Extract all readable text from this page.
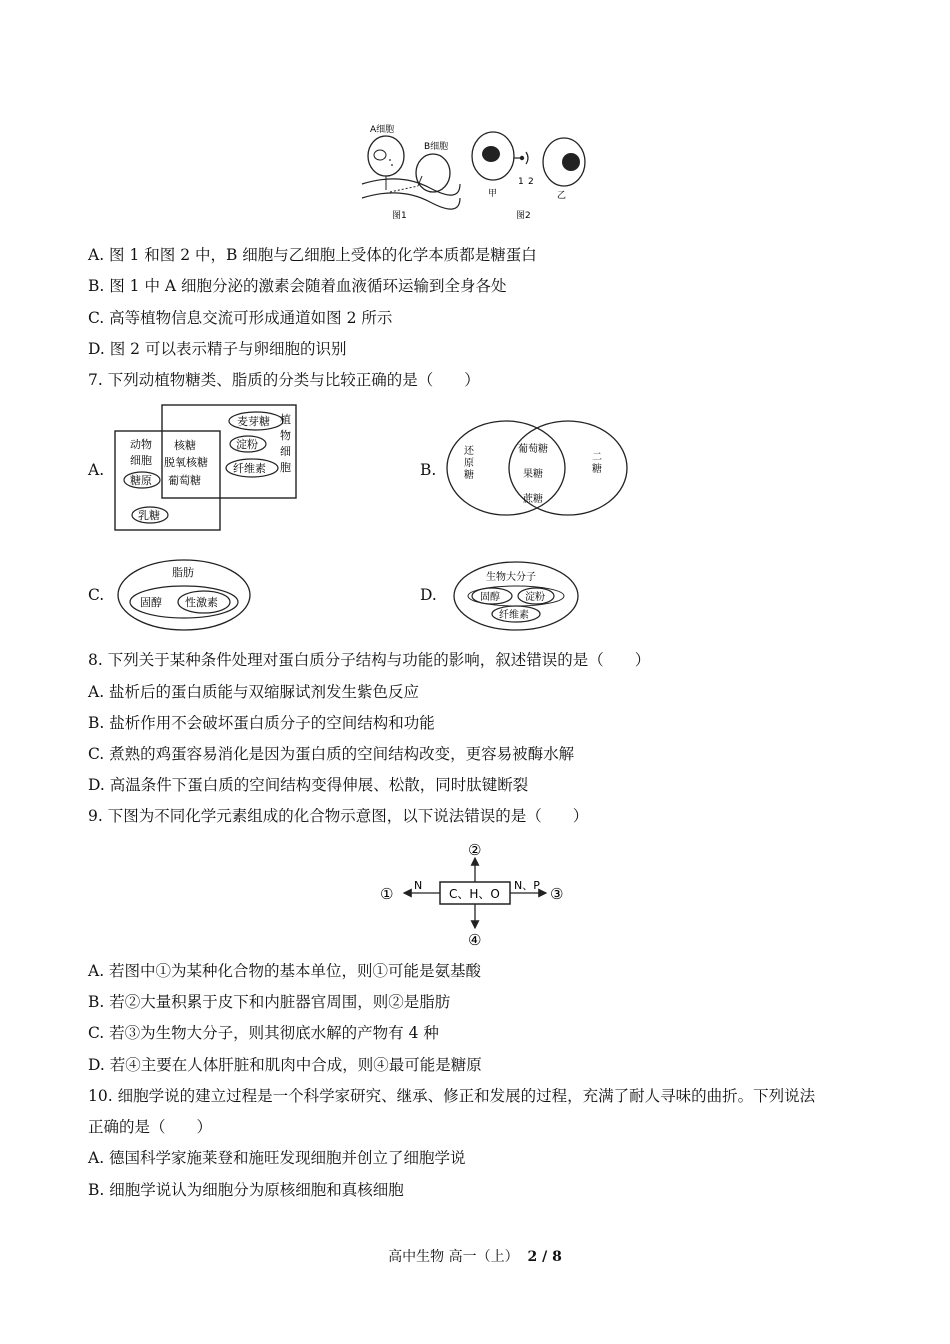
A细胞
B细胞
图1
甲
1 2
乙
图2
A. 图 1 和图 2 中，B 细胞与乙细胞上受体的化学本质都是糖蛋白
B. 图 1 中 A 细胞分泌的激素会随着血液循环运输到全身各处
C. 高等植物信息交流可形成通道如图 2 所示
D. 图 2 可以表示精子与卵细胞的识别
7. 下列动植物糖类、脂质的分类与比较正确的是（　　）
A.
动物
细胞
核糖
脱氧核糖
葡萄糖
糖原
乳糖
麦芽糖
淀粉
纤维素
植
物
细
胞	B.
还
原
糖
二
糖
葡萄糖
果糖
蔗糖
C.
脂肪
固醇 性激素	D.
生物大分子
固醇	淀粉
纤维素
8. 下列关于某种条件处理对蛋白质分子结构与功能的影响，叙述错误的是（　　）
A. 盐析后的蛋白质能与双缩脲试剂发生紫色反应
B. 盐析作用不会破坏蛋白质分子的空间结构和功能
C. 煮熟的鸡蛋容易消化是因为蛋白质的空间结构改变，更容易被酶水解
D. 高温条件下蛋白质的空间结构变得伸展、松散，同时肽键断裂
9. 下图为不同化学元素组成的化合物示意图，以下说法错误的是（　　）
C、H、O
N	N、P
①
②
③
④
A. 若图中①为某种化合物的基本单位，则①可能是氨基酸
B. 若②大量积累于皮下和内脏器官周围，则②是脂肪
C. 若③为生物大分子，则其彻底水解的产物有 4 种
D. 若④主要在人体肝脏和肌肉中合成，则④最可能是糖原
10. 细胞学说的建立过程是一个科学家研究、继承、修正和发展的过程，充满了耐人寻味的曲折。下列说法
正确的是（　　）
A. 德国科学家施莱登和施旺发现细胞并创立了细胞学说
B. 细胞学说认为细胞分为原核细胞和真核细胞
高中生物 高一（上） 2 / 8
